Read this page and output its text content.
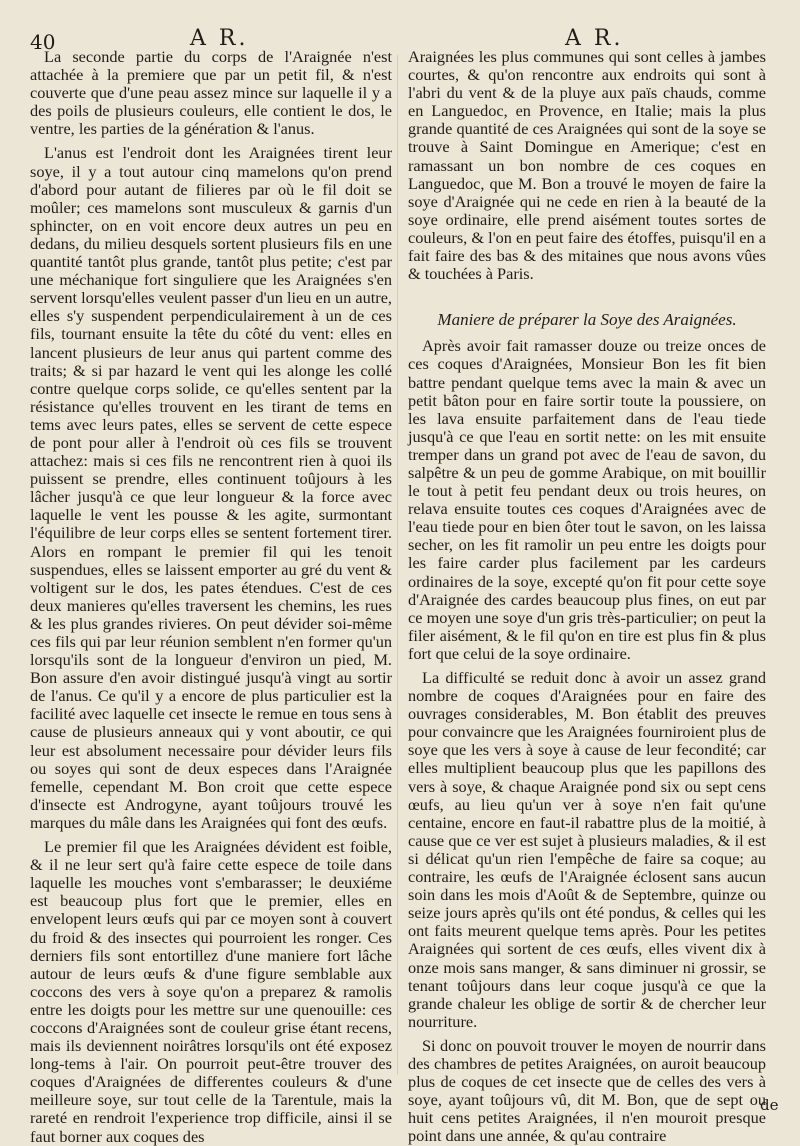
40	A R.	A R.

La seconde partie du corps de l'Araignée n'est attachée à la premiere que par un petit fil, & n'est couverte que d'une peau assez mince sur laquelle il y a des poils de plusieurs couleurs, elle contient le dos, le ventre, les parties de la génération & l'anus.

L'anus est l'endroit dont les Araignées tirent leur soye, il y a tout autour cinq mamelons qu'on prend d'abord pour autant de filieres par où le fil doit se moûler; ces mamelons sont musculeux & garnis d'un sphincter, on en voit encore deux autres un peu en dedans, du milieu desquels sortent plusieurs fils en une quantité tantôt plus grande, tantôt plus petite; c'est par une méchanique fort singuliere que les Araignées s'en servent lorsqu'elles veulent passer d'un lieu en un autre, elles s'y suspendent perpendiculairement à un de ces fils, tournant ensuite la tête du côté du vent: elles en lancent plusieurs de leur anus qui partent comme des traits; & si par hazard le vent qui les alonge les collé contre quelque corps solide, ce qu'elles sentent par la résistance qu'elles trouvent en les tirant de tems en tems avec leurs pates, elles se servent de cette espece de pont pour aller à l'endroit où ces fils se trouvent attachez: mais si ces fils ne rencontrent rien à quoi ils puissent se prendre, elles continuent toûjours à les lâcher jusqu'à ce que leur longueur & la force avec laquelle le vent les pousse & les agite, surmontant l'équilibre de leur corps elles se sentent fortement tirer. Alors en rompant le premier fil qui les tenoit suspendues, elles se laissent emporter au gré du vent & voltigent sur le dos, les pates étendues. C'est de ces deux manieres qu'elles traversent les chemins, les rues & les plus grandes rivieres. On peut dévider soi-même ces fils qui par leur réunion semblent n'en former qu'un lorsqu'ils sont de la longueur d'environ un pied, M. Bon assure d'en avoir distingué jusqu'à vingt au sortir de l'anus. Ce qu'il y a encore de plus particulier est la facilité avec laquelle cet insecte le remue en tous sens à cause de plusieurs anneaux qui y vont aboutir, ce qui leur est absolument necessaire pour dévider leurs fils ou soyes qui sont de deux especes dans l'Araignée femelle, cependant M. Bon croit que cette espece d'insecte est Androgyne, ayant toûjours trouvé les marques du mâle dans les Araignées qui font des œufs.

Le premier fil que les Araignées dévident est foible, & il ne leur sert qu'à faire cette espece de toile dans laquelle les mouches vont s'embarasser; le deuxiéme est beaucoup plus fort que le premier, elles en envelopent leurs œufs qui par ce moyen sont à couvert du froid & des insectes qui pourroient les ronger. Ces derniers fils sont entortillez d'une maniere fort lâche autour de leurs œufs & d'une figure semblable aux coccons des vers à soye qu'on a preparez & ramolis entre les doigts pour les mettre sur une quenouille: ces coccons d'Araignées sont de couleur grise étant recens, mais ils deviennent noirâtres lorsqu'ils ont été exposez long-tems à l'air. On pourroit peut-être trouver des coques d'Araignées de differentes couleurs & d'une meilleure soye, sur tout celle de la Tarentule, mais la rareté en rendroit l'experience trop difficile, ainsi il se faut borner aux coques des

Araignées les plus communes qui sont celles à jambes courtes, & qu'on rencontre aux endroits qui sont à l'abri du vent & de la pluye aux païs chauds, comme en Languedoc, en Provence, en Italie; mais la plus grande quantité de ces Araignées qui sont de la soye se trouve à Saint Domingue en Amerique; c'est en ramassant un bon nombre de ces coques en Languedoc, que M. Bon a trouvé le moyen de faire la soye d'Araignée qui ne cede en rien à la beauté de la soye ordinaire, elle prend aisément toutes sortes de couleurs, & l'on en peut faire des étoffes, puisqu'il en a fait faire des bas & des mitaines que nous avons vûes & touchées à Paris.

Maniere de préparer la Soye des Araignées.

Après avoir fait ramasser douze ou treize onces de ces coques d'Araignées, Monsieur Bon les fit bien battre pendant quelque tems avec la main & avec un petit bâton pour en faire sortir toute la poussiere, on les lava ensuite parfaitement dans de l'eau tiede jusqu'à ce que l'eau en sortit nette: on les mit ensuite tremper dans un grand pot avec de l'eau de savon, du salpêtre & un peu de gomme Arabique, on mit bouillir le tout à petit feu pendant deux ou trois heures, on relava ensuite toutes ces coques d'Araignées avec de l'eau tiede pour en bien ôter tout le savon, on les laissa secher, on les fit ramolir un peu entre les doigts pour les faire carder plus facilement par les cardeurs ordinaires de la soye, excepté qu'on fit pour cette soye d'Araignée des cardes beaucoup plus fines, on eut par ce moyen une soye d'un gris très-particulier; on peut la filer aisément, & le fil qu'on en tire est plus fin & plus fort que celui de la soye ordinaire.

La difficulté se reduit donc à avoir un assez grand nombre de coques d'Araignées pour en faire des ouvrages considerables, M. Bon établit des preuves pour convaincre que les Araignées fourniroient plus de soye que les vers à soye à cause de leur fecondité; car elles multiplient beaucoup plus que les papillons des vers à soye, & chaque Araignée pond six ou sept cens œufs, au lieu qu'un ver à soye n'en fait qu'une centaine, encore en faut-il rabattre plus de la moitié, à cause que ce ver est sujet à plusieurs maladies, & il est si délicat qu'un rien l'empêche de faire sa coque; au contraire, les œufs de l'Araignée éclosent sans aucun soin dans les mois d'Août & de Septembre, quinze ou seize jours après qu'ils ont été pondus, & celles qui les ont faits meurent quelque tems après. Pour les petites Araignées qui sortent de ces œufs, elles vivent dix à onze mois sans manger, & sans diminuer ni grossir, se tenant toûjours dans leur coque jusqu'à ce que la grande chaleur les oblige de sortir & de chercher leur nourriture.

Si donc on pouvoit trouver le moyen de nourrir dans des chambres de petites Araignées, on auroit beaucoup plus de coques de cet insecte que de celles des vers à soye, ayant toûjours vû, dit M. Bon, que de sept ou huit cens petites Araignées, il n'en mouroit presque point dans une année, & qu'au contraire

de
